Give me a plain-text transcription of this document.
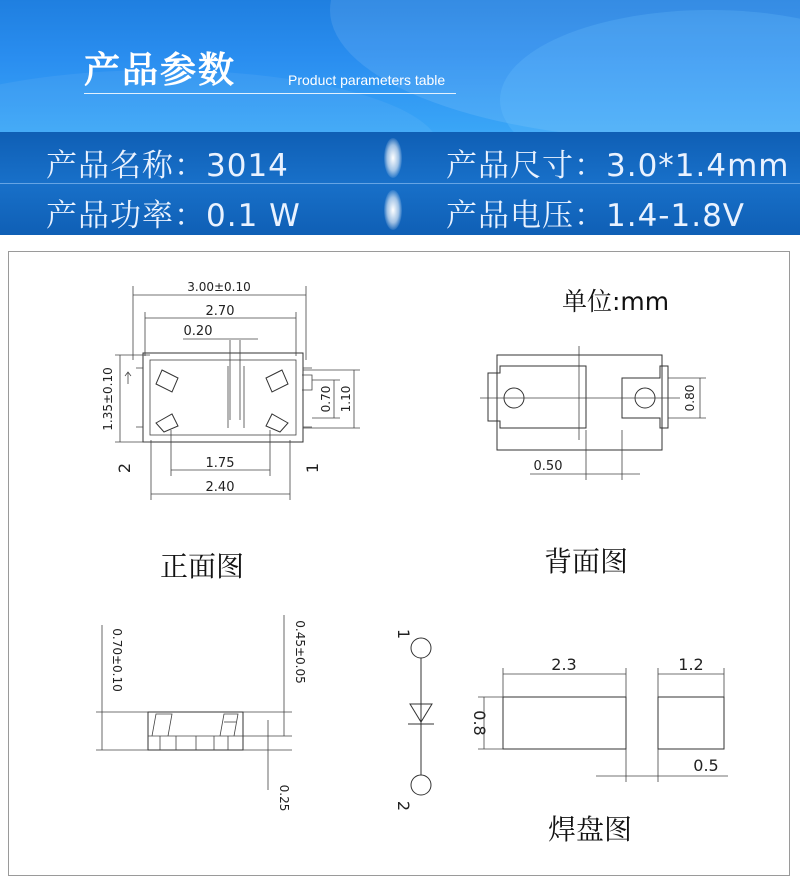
产品参数	Product parameters table
产品名称：3014	产品尺寸：3.0*1.4mm
产品功率：0.1 W	产品电压：1.4-1.8V
单位:mm
正面图	背面图
焊盘图
3.00±0.10
2.70
0.20
1.35±0.10	0.70 1.10
1.75
2.40
2	1
0.80
0.50
0.70±0.10	0.45±0.05
0.25
1
2
2.3	1.2
0.8
0.5
